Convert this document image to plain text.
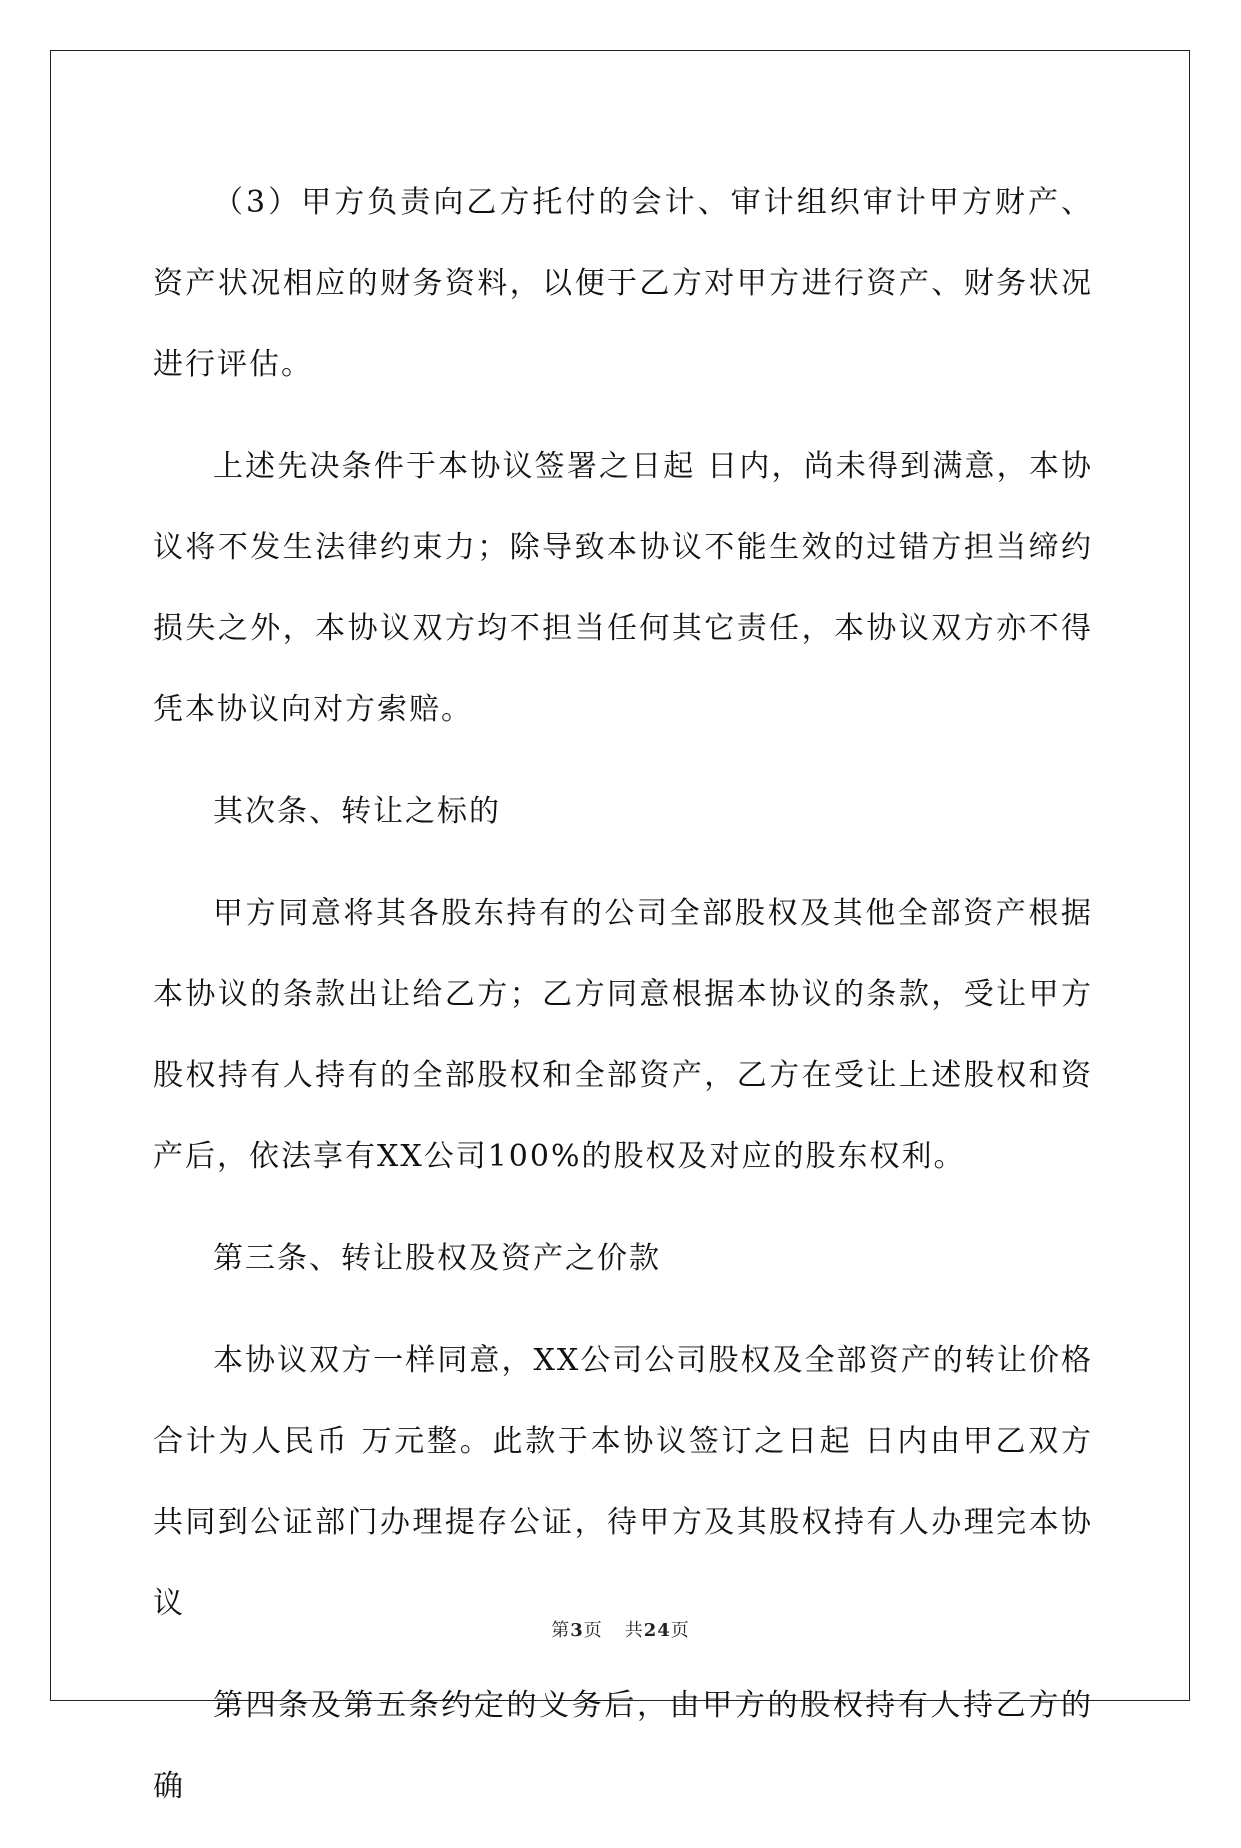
（3）甲方负责向乙方托付的会计、审计组织审计甲方财产、资产状况相应的财务资料，以便于乙方对甲方进行资产、财务状况进行评估。

上述先决条件于本协议签署之日起 日内，尚未得到满意，本协议将不发生法律约束力；除导致本协议不能生效的过错方担当缔约损失之外，本协议双方均不担当任何其它责任，本协议双方亦不得凭本协议向对方索赔。

其次条、转让之标的

甲方同意将其各股东持有的公司全部股权及其他全部资产根据本协议的条款出让给乙方；乙方同意根据本协议的条款，受让甲方股权持有人持有的全部股权和全部资产，乙方在受让上述股权和资产后，依法享有XX公司100%的股权及对应的股东权利。

第三条、转让股权及资产之价款

本协议双方一样同意，XX公司公司股权及全部资产的转让价格合计为人民币 万元整。此款于本协议签订之日起 日内由甲乙双方共同到公证部门办理提存公证，待甲方及其股权持有人办理完本协议

第四条及第五条约定的义务后，由甲方的股权持有人持乙方的确

第3页 共24页
